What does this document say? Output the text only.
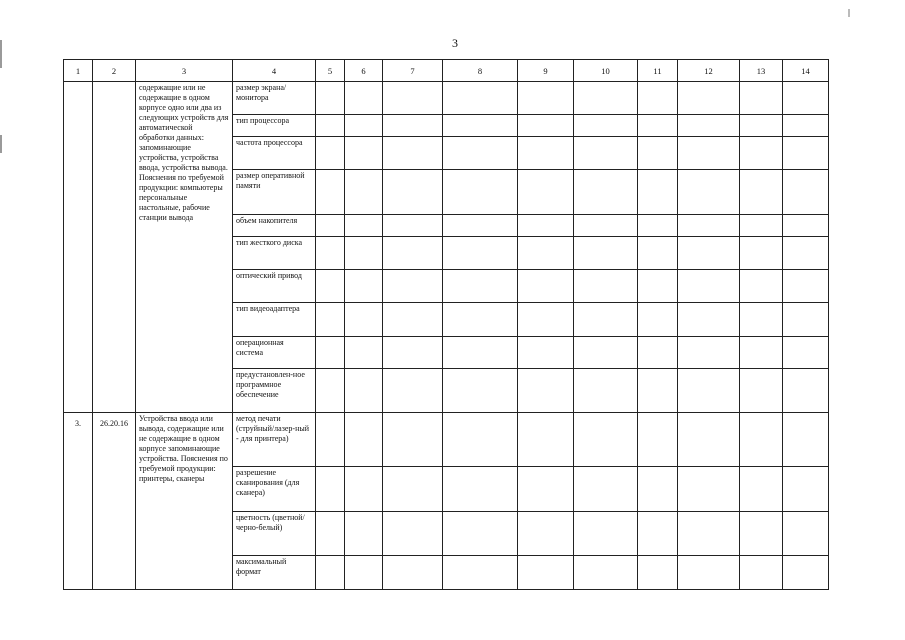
3
1	2	3	4	5	6	7	8	9	10	11	12	13	14
		содержащие или не содержащие в одном корпусе одно или два из следующих устройств для автоматической обработки данных: запоминающие устройства, устройства ввода, устройства вывода. Пояснения по требуемой продукции: компьютеры персональные настольные, рабочие станции вывода	размер экрана/монитора										
			тип процессора										
			частота процессора										
			размер оперативной памяти										
			объем накопителя										
			тип жесткого диска										
			оптический привод										
			тип видеоадаптера										
			операционная система										
			предустановлен-ное программное обеспечение										
3.	26.20.16	Устройства ввода или вывода, содержащие или не содержащие в одном корпусе запоминающие устройства. Пояснения по требуемой продукции: принтеры, сканеры	метод печати (струйный/лазер-ный - для принтера)										
			разрешение сканирования (для сканера)										
			цветность (цветной/черно-белый)										
			максимальный формат										
